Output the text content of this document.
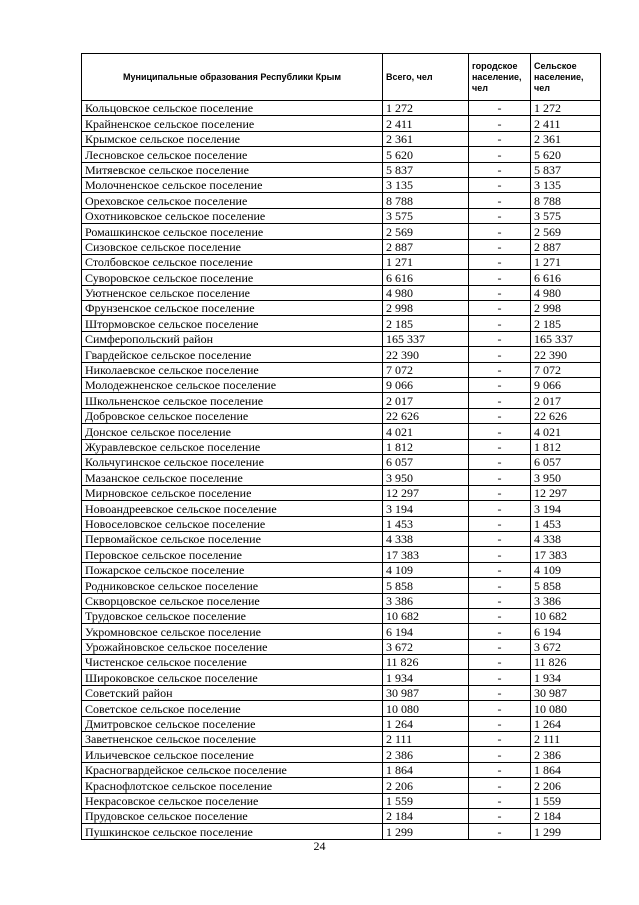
Муниципальные образования Республики Крым	Всего, чел	городское население, чел	Сельское население, чел
Кольцовское сельское поселение	1 272	-	1 272
Крайненское сельское поселение	2 411	-	2 411
Крымское сельское поселение	2 361	-	2 361
Лесновское сельское поселение	5 620	-	5 620
Митяевское сельское поселение	5 837	-	5 837
Молочненское сельское поселение	3 135	-	3 135
Ореховское сельское поселение	8 788	-	8 788
Охотниковское сельское поселение	3 575	-	3 575
Ромашкинское сельское поселение	2 569	-	2 569
Сизовское сельское поселение	2 887	-	2 887
Столбовское сельское поселение	1 271	-	1 271
Суворовское сельское поселение	6 616	-	6 616
Уютненское сельское поселение	4 980	-	4 980
Фрунзенское сельское поселение	2 998	-	2 998
Штормовское сельское поселение	2 185	-	2 185
Симферопольский район	165 337	-	165 337
Гвардейское сельское поселение	22 390	-	22 390
Николаевское сельское поселение	7 072	-	7 072
Молодежненское сельское поселение	9 066	-	9 066
Школьненское сельское поселение	2 017	-	2 017
Добровское сельское поселение	22 626	-	22 626
Донское сельское поселение	4 021	-	4 021
Журавлевское сельское поселение	1 812	-	1 812
Кольчугинское сельское поселение	6 057	-	6 057
Мазанское сельское поселение	3 950	-	3 950
Мирновское сельское поселение	12 297	-	12 297
Новоандреевское сельское поселение	3 194	-	3 194
Новоселовское сельское поселение	1 453	-	1 453
Первомайское сельское поселение	4 338	-	4 338
Перовское сельское поселение	17 383	-	17 383
Пожарское сельское поселение	4 109	-	4 109
Родниковское сельское поселение	5 858	-	5 858
Скворцовское сельское поселение	3 386	-	3 386
Трудовское сельское поселение	10 682	-	10 682
Укромновское сельское поселение	6 194	-	6 194
Урожайновское сельское поселение	3 672	-	3 672
Чистенское сельское поселение	11 826	-	11 826
Широковское сельское поселение	1 934	-	1 934
Советский район	30 987	-	30 987
Советское сельское поселение	10 080	-	10 080
Дмитровское сельское поселение	1 264	-	1 264
Заветненское сельское поселение	2 111	-	2 111
Ильичевское сельское поселение	2 386	-	2 386
Красногвардейское сельское поселение	1 864	-	1 864
Краснофлотское сельское поселение	2 206	-	2 206
Некрасовское сельское поселение	1 559	-	1 559
Прудовское сельское поселение	2 184	-	2 184
Пушкинское сельское поселение	1 299	-	1 299
24
